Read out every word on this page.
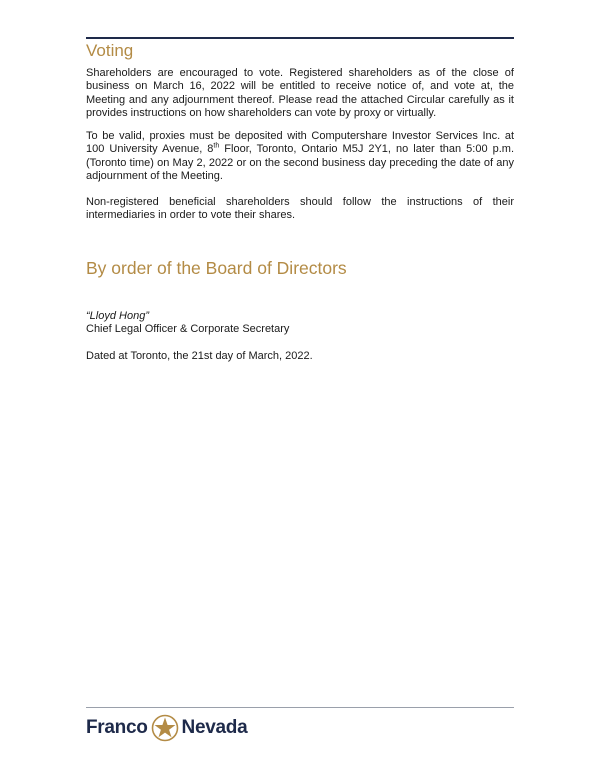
Voting

Shareholders are encouraged to vote. Registered shareholders as of the close of business on March 16, 2022 will be entitled to receive notice of, and vote at, the Meeting and any adjournment thereof. Please read the attached Circular carefully as it provides instructions on how shareholders can vote by proxy or virtually.

To be valid, proxies must be deposited with Computershare Investor Services Inc. at 100 University Avenue, 8th Floor, Toronto, Ontario M5J 2Y1, no later than 5:00 p.m. (Toronto time) on May 2, 2022 or on the second business day preceding the date of any adjournment of the Meeting.

Non-registered beneficial shareholders should follow the instructions of their intermediaries in order to vote their shares.

By order of the Board of Directors

“Lloyd Hong”

Chief Legal Officer & Corporate Secretary

Dated at Toronto, the 21st day of March, 2022.

Franco Nevada
